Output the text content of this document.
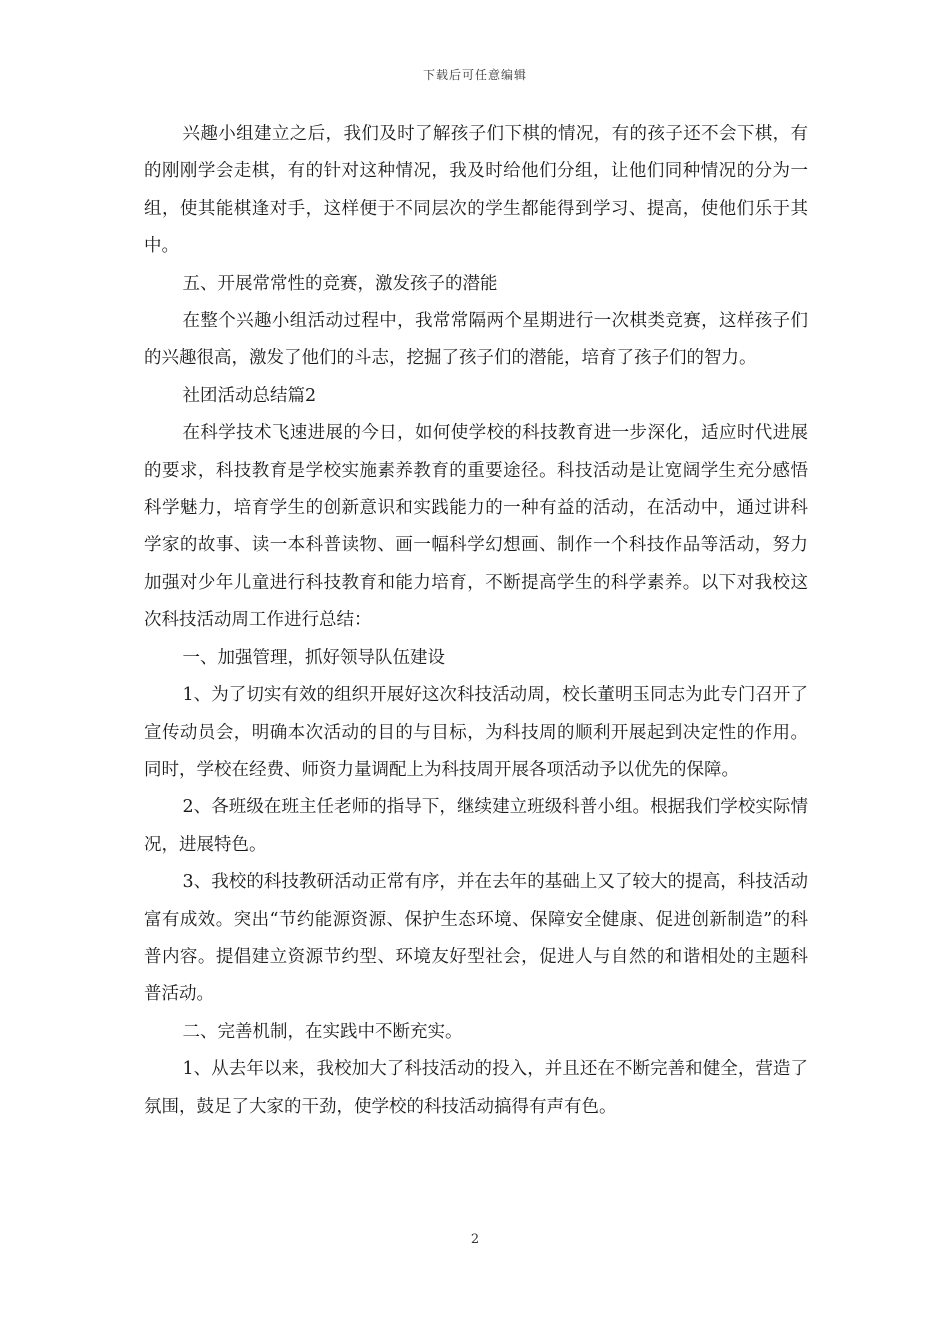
下载后可任意编辑

兴趣小组建立之后，我们及时了解孩子们下棋的情况，有的孩子还不会下棋，有的刚刚学会走棋，有的针对这种情况，我及时给他们分组，让他们同种情况的分为一组，使其能棋逢对手，这样便于不同层次的学生都能得到学习、提高，使他们乐于其中。

五、开展常常性的竞赛，激发孩子的潜能

在整个兴趣小组活动过程中，我常常隔两个星期进行一次棋类竞赛，这样孩子们的兴趣很高，激发了他们的斗志，挖掘了孩子们的潜能，培育了孩子们的智力。

社团活动总结篇2

在科学技术飞速进展的今日，如何使学校的科技教育进一步深化，适应时代进展的要求，科技教育是学校实施素养教育的重要途径。科技活动是让宽阔学生充分感悟科学魅力，培育学生的创新意识和实践能力的一种有益的活动，在活动中，通过讲科学家的故事、读一本科普读物、画一幅科学幻想画、制作一个科技作品等活动，努力加强对少年儿童进行科技教育和能力培育，不断提高学生的科学素养。以下对我校这次科技活动周工作进行总结：

一、加强管理，抓好领导队伍建设

1、为了切实有效的组织开展好这次科技活动周，校长董明玉同志为此专门召开了宣传动员会，明确本次活动的目的与目标，为科技周的顺利开展起到决定性的作用。同时，学校在经费、师资力量调配上为科技周开展各项活动予以优先的保障。

2、各班级在班主任老师的指导下，继续建立班级科普小组。根据我们学校实际情况，进展特色。

3、我校的科技教研活动正常有序，并在去年的基础上又了较大的提高，科技活动富有成效。突出“节约能源资源、保护生态环境、保障安全健康、促进创新制造”的科普内容。提倡建立资源节约型、环境友好型社会，促进人与自然的和谐相处的主题科普活动。

二、完善机制，在实践中不断充实。

1、从去年以来，我校加大了科技活动的投入，并且还在不断完善和健全，营造了氛围，鼓足了大家的干劲，使学校的科技活动搞得有声有色。

2
